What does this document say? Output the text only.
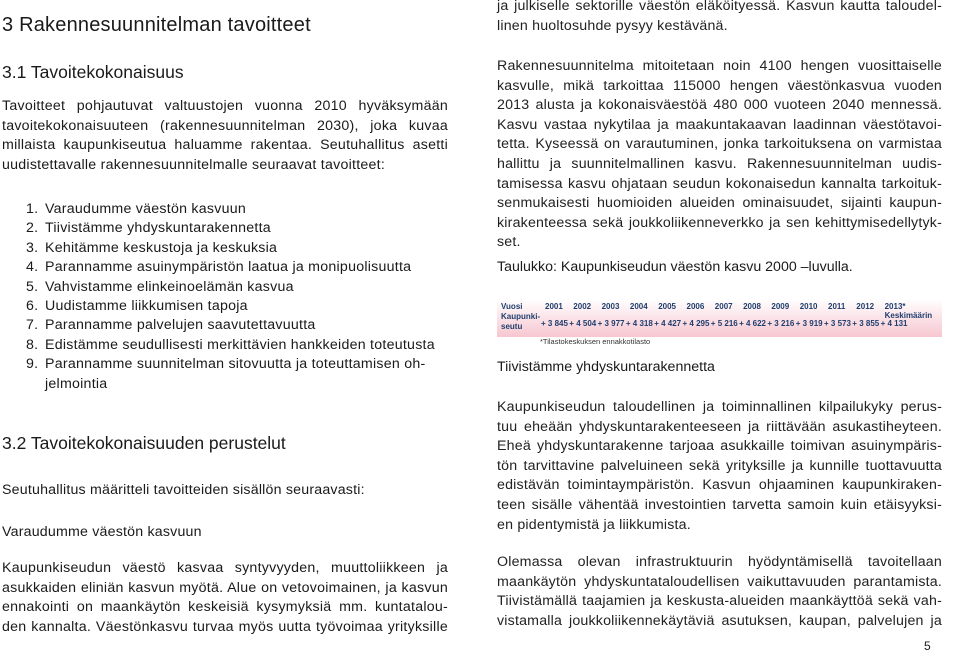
3 Rakennesuunnitelman tavoitteet
3.1 Tavoitekokonaisuus
Tavoitteet pohjautuvat valtuustojen vuonna 2010 hyväksymään
tavoitekokonaisuuteen (rakennesuunnitelman 2030), joka kuvaa
millaista kaupunkiseutua haluamme rakentaa. Seutuhallitus asetti
uudistettavalle rakennesuunnitelmalle seuraavat tavoitteet:
1. Varaudumme väestön kasvuun
2. Tiivistämme yhdyskuntarakennetta
3. Kehitämme keskustoja ja keskuksia
4. Parannamme asuinympäristön laatua ja monipuolisuutta
5. Vahvistamme elinkeinoelämän kasvua
6. Uudistamme liikkumisen tapoja
7. Parannamme palvelujen saavutettavuutta
8. Edistämme seudullisesti merkittävien hankkeiden toteutusta
9. Parannamme suunnitelman sitovuutta ja toteuttamisen oh-
jelmointia
3.2 Tavoitekokonaisuuden perustelut
Seutuhallitus määritteli tavoitteiden sisällön seuraavasti:
Varaudumme väestön kasvuun
Kaupunkiseudun väestö kasvaa syntyvyyden, muuttoliikkeen ja
asukkaiden eliniän kasvun myötä. Alue on vetovoimainen, ja kasvun
ennakointi on maankäytön keskeisiä kysymyksiä mm. kuntatalou-
den kannalta. Väestönkasvu turvaa myös uutta työvoimaa yrityksille
ja julkiselle sektorille väestön eläköityessä. Kasvun kautta taloudel-
linen huoltosuhde pysyy kestävänä.
Rakennesuunnitelma mitoitetaan noin 4100 hengen vuosittaiselle
kasvulle, mikä tarkoittaa 115000 hengen väestönkasvua vuoden
2013 alusta ja kokonaisväestöä 480 000 vuoteen 2040 mennessä.
Kasvu vastaa nykytilaa ja maakuntakaavan laadinnan väestötavoi-
tetta. Kyseessä on varautuminen, jonka tarkoituksena on varmistaa
hallittu ja suunnitelmallinen kasvu. Rakennesuunnitelman uudis-
tamisessa kasvu ohjataan seudun kokonaisedun kannalta tarkoituk-
senmukaisesti huomioiden alueiden ominaisuudet, sijainti kaupun-
kirakenteessa sekä joukkoliikenneverkko ja sen kehittymisedellytyk-
set.
Taulukko: Kaupunkiseudun väestön kasvu 2000 –luvulla.
Vuosi
Kaupunki-
seutu
2001 2002 2003 2004 2005 2006 2007 2008 2009 2010 2011 2012 2013* Keskimäärin
+ 3 845 + 4 504 + 3 977 + 4 318 + 4 427 + 4 295 + 5 216 + 4 622 + 3 216 + 3 919 + 3 573 + 3 855 + 4 131
*Tilastokeskuksen ennakkotilasto
Tiivistämme yhdyskuntarakennetta
Kaupunkiseudun taloudellinen ja toiminnallinen kilpailukyky perus-
tuu eheään yhdyskuntarakenteeseen ja riittävään asukastiheyteen.
Eheä yhdyskuntarakenne tarjoaa asukkaille toimivan asuinympäris-
tön tarvittavine palveluineen sekä yrityksille ja kunnille tuottavuutta
edistävän toimintaympäristön. Kasvun ohjaaminen kaupunkiraken-
teen sisälle vähentää investointien tarvetta samoin kuin etäisyyksi-
en pidentymistä ja liikkumista.
Olemassa olevan infrastruktuurin hyödyntämisellä tavoitellaan
maankäytön yhdyskuntataloudellisen vaikuttavuuden parantamista.
Tiivistämällä taajamien ja keskusta-alueiden maankäyttöä sekä vah-
vistamalla joukkoliikennekäytäviä asutuksen, kaupan, palvelujen ja
5
